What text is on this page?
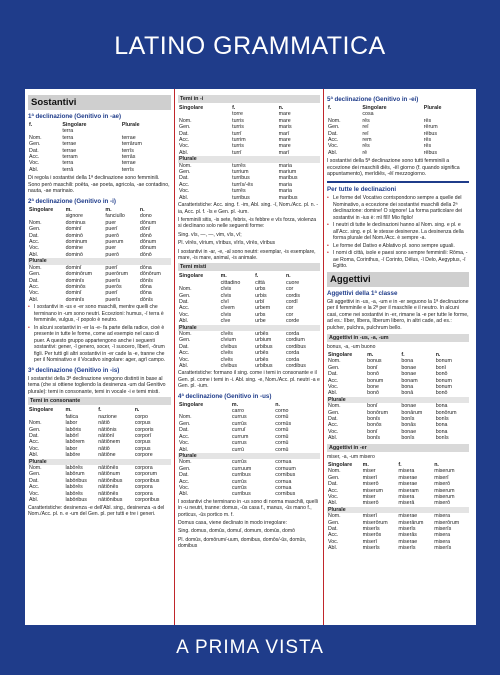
LATINO GRAMMATICA
Sostantivi
1ª declinazione (Genitivo in -ae)
f.	Singolare	Plurale
	terra	
Nom.	terra	terrae
Gen.	terrae	terrārum
Dat.	terrae	terrīs
Acc.	terram	terrās
Voc.	terra	terrae
Abl.	terrā	terrīs
Di regola i sostantivi della 1ª declinazione sono femminili. Sono però maschili: poēta, -ae poeta, agricola, -ae contadino, nauta, -ae marinaio.
2ª declinazione (Genitivo in -i)
Singolare	m.	m.	n.
	signore	fanciullo	dono
Nom.	dominus	puer	dōnum
Gen.	dominī	puerī	dōnī
Dat.	dominō	puerō	dōnō
Acc.	dominum	puerum	dōnum
Voc.	domine	puer	dōnum
Abl.	dominō	puerō	dōnō
Plurale			
Nom.	dominī	puerī	dōna
Gen.	dominōrum	puerōrum	dōnōrum
Dat.	dominīs	puerīs	dōnīs
Acc.	dominōs	puerōs	dōna
Voc.	dominī	puerī	dōna
Abl.	dominīs	puerīs	dōnīs
• I sostantivi in -us e -er sono maschili, mentre quelli che terminano in -um sono neutri. Eccezioni: humus, -ī terra è femminile, vulgus, -ī popolo è neutro.
• In alcuni sostantivi in -er la -e- fa parte della radice, cioè è presente in tutte le forme, come ad esempio nel caso di puer. A questo gruppo appartengono anche i seguenti sostantivi: gener, -ī genero, socer, -ī suocero, līberī, -ōrum figli. Per tutti gli altri sostantivi in -er cade la -e, tranne che per il Nominativo e il Vocativo singolare: ager, agrī campo.
3ª declinazione (Genitivo in -is)
I sostantivi della 3ª declinazione vengono distinti in base al tema (che si ottiene togliendo la desinenza -um dal Genitivo plurale): temi in consonante, temi in vocale -i e temi misti.
Temi in consonante
Singolare	m.	f.	n.
	fatica	nazione	corpo
Nom.	labor	nātiō	corpus
Gen.	labōris	nātiōnis	corporis
Dat.	labōrī	nātiōnī	corporī
Acc.	labōrem	nātiōnem	corpus
Voc.	labor	nātiō	corpus
Abl.	labōre	nātiōne	corpore
Plurale			
Nom.	labōrēs	nātiōnēs	corpora
Gen.	labōrum	nātiōnum	corporum
Dat.	labōribus	nātiōnibus	corporibus
Acc.	labōrēs	nātiōnēs	corpora
Voc.	labōrēs	nātiōnēs	corpora
Abl.	labōribus	nātiōnibus	corporibus
Caratteristiche: desinenza -e dell'Abl. sing., desinenza -a del Nom./Acc. pl. n. e -um del Gen. pl. per tutti e tre i generi.
Temi in -i
Singolare	f.	n.
	torre	mare
Nom.	turris	mare
Gen.	turris	maris
Dat.	turrī	marī
Acc.	turrim	mare
Voc.	turris	mare
Abl.	turrī	marī
Plurale		
Nom.	turrēs	maria
Gen.	turrium	marium
Dat.	turribus	maribus
Acc.	turrīs/-ēs	maria
Voc.	turrēs	maria
Abl.	turribus	maribus
Caratteristiche: Acc. sing. f. -im, Abl. sing. -ī, Nom./Acc. pl. n. -ia, Acc. pl. f. -īs e Gen. pl. -ium.
I femminili sitis, -is sete, febris, -is febbre e vīs forza, violenza si declinano solo nelle seguenti forme:
Sing. vīs, —, —, vim, vīs, vī;
Pl. vīrēs, vīrium, vīribus, vīrīs, vīrēs, vīribus
I sostantivi in -ar, -e, -al sono neutri: exemplar, -is esemplare, mare, -is mare, animal, -is animale.
Temi misti
Singolare	m.	f.	n.
	cittadino	città	cuore
Nom.	cīvis	urbs	cor
Gen.	cīvis	urbis	cordis
Dat.	cīvī	urbī	cordī
Acc.	cīvem	urbem	cor
Voc.	cīvis	urbs	cor
Abl.	cīve	urbe	corde
Plurale			
Nom.	cīvēs	urbēs	corda
Gen.	cīvium	urbium	cordium
Dat.	cīvibus	urbibus	cordibus
Acc.	cīvēs	urbēs	corda
Voc.	cīvēs	urbēs	corda
Abl.	cīvibus	urbibus	cordibus
Caratteristiche: formano il sing. come i temi in consonante e il Gen. pl. come i temi in -i. Abl. sing. -e, Nom./Acc. pl. neutri -a e Gen. pl. -ium.
4ª declinazione (Genitivo in -us)
Singolare	m.	n.
	carro	corno
Nom.	currus	cornū
Gen.	currūs	cornūs
Dat.	curruī	cornū
Acc.	currum	cornū
Voc.	currus	cornū
Abl.	currū	cornū
Plurale		
Nom.	currūs	cornua
Gen.	curruum	cornuum
Dat.	curribus	cornibus
Acc.	currūs	cornua
Voc.	currūs	cornua
Abl.	curribus	cornibus
I sostantivi che terminano in -us sono di norma maschili, quelli in -u neutri, tranne: domus, -ūs casa f., manus, -ūs mano f., porticus, -ūs portico m. f.
Domus casa, viene declinato in modo irregolare:
Sing. domus, domūs, domuī, domum, domūs, domō
Pl. domūs, domōrum/-uum, domibus, domōs/-ūs, domūs, domibus
5ª declinazione (Genitivo in -ei)
f.	Singolare	Plurale
	cosa	
Nom.	rēs	rēs
Gen.	reī	rērum
Dat.	reī	rēbus
Acc.	rem	rēs
Voc.	rēs	rēs
Abl.	rē	rēbus
I sostantivi della 5ª declinazione sono tutti femminili a eccezione dei maschili diēs, -ēī giorno (f. quando significa appuntamento), merīdiēs, -ēī mezzogiorno.
Per tutte le declinazioni
• Le forme del Vocativo corrispondono sempre a quelle del Nominativo, a eccezione dei sostantivi maschili della 2ª declinazione: domine! O signore! La forma particolare dei sostantivi in -ius è: mī fīlī! Mio figlio!
• I neutri di tutte le declinazioni hanno al Nom. sing. e pl. e all'Acc. sing. e pl. le stesse desinenze. La desinenza della forma plurale del Nom./Acc. è sempre -a.
• Le forme del Dativo e Ablativo pl. sono sempre uguali.
• I nomi di città, isole e paesi sono sempre femminili: Rōma, -ae Roma, Corinthus, -ī Corinto, Dēlus, -ī Delo, Aegyptus, -ī Egitto.
Aggettivi
Aggettivi della 1ª classe
Gli aggettivi in -us, -a, -um e in -er seguono la 1ª declinazione per il femminile e la 2ª per il maschile e il neutro. In alcuni casi, come nei sostantivi in -er, rimane la -e per tutte le forme, ad es.: līber, lībera, līberum libero, in altri cade, ad es.: pulcher, pulchra, pulchrum bello.
Aggettivi in -us, -a, -um
bonus, -a, -um buono
Singolare	m.	f.	n.
Nom.	bonus	bona	bonum
Gen.	bonī	bonae	bonī
Dat.	bonō	bonae	bonō
Acc.	bonum	bonam	bonum
Voc.	bone	bona	bonum
Abl.	bonō	bonā	bonō
Plurale			
Nom.	bonī	bonae	bona
Gen.	bonōrum	bonārum	bonōrum
Dat.	bonīs	bonīs	bonīs
Acc.	bonōs	bonās	bona
Voc.	bonī	bonae	bona
Abl.	bonīs	bonīs	bonīs
Aggettivi in -er
miser, -a, -um misero
Singolare	m.	f.	n.
Nom.	miser	misera	miserum
Gen.	miserī	miserae	miserī
Dat.	miserō	miserae	miserō
Acc.	miserum	miseram	miserum
Voc.	miser	misera	miserum
Abl.	miserō	miserā	miserō
Plurale			
Nom.	miserī	miserae	misera
Gen.	miserōrum	miserārum	miserōrum
Dat.	miserīs	miserīs	miserīs
Acc.	miserōs	miserās	misera
Voc.	miserī	miserae	misera
Abl.	miserīs	miserīs	miserīs
A PRIMA VISTA
